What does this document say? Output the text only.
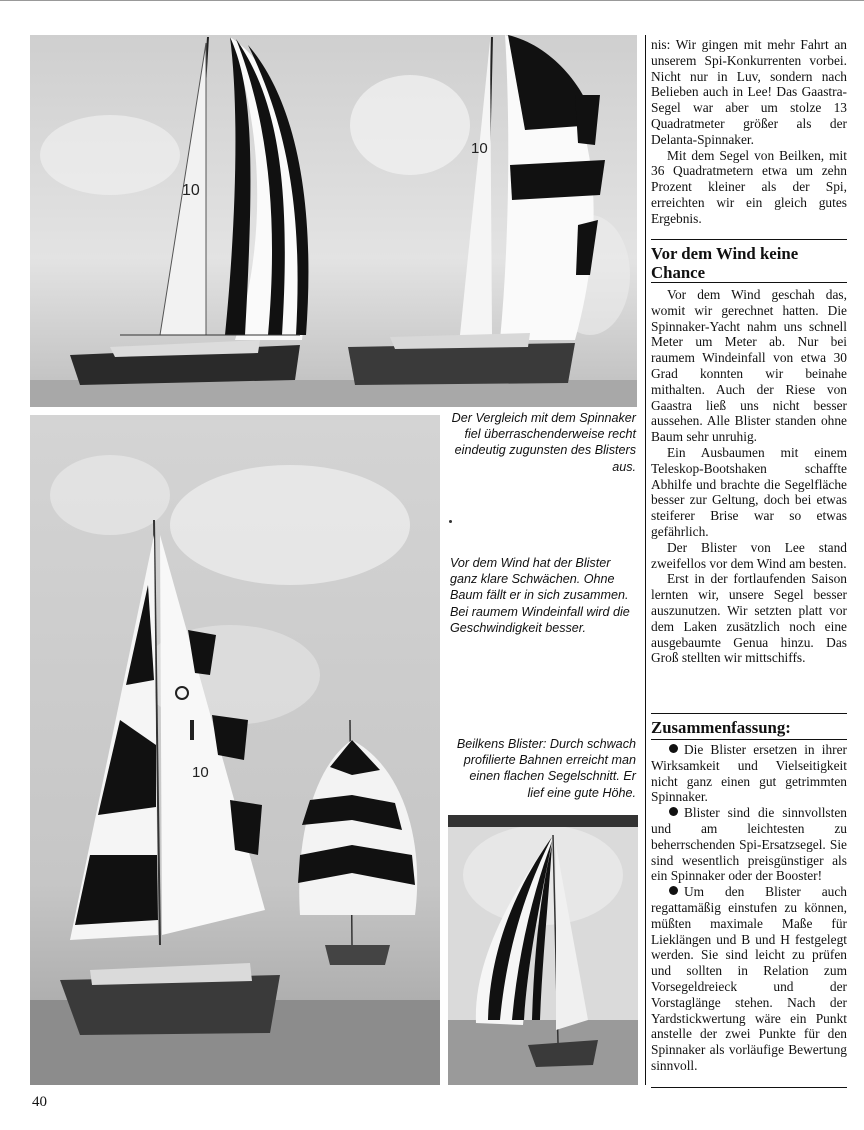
10
10
10
Der Vergleich mit dem Spinnaker fiel überraschenderweise recht eindeutig zugunsten des Blisters aus.
Vor dem Wind hat der Blister ganz klare Schwächen. Ohne Baum fällt er in sich zusammen. Bei raumem Windeinfall wird die Geschwindigkeit besser.
Beilkens Blister: Durch schwach profilierte Bahnen erreicht man einen flachen Segelschnitt. Er lief eine gute Höhe.

nis: Wir gingen mit mehr Fahrt an unserem Spi-Konkurrenten vorbei. Nicht nur in Luv, sondern nach Belieben auch in Lee! Das Gaastra-Segel war aber um stolze 13 Quadratmeter größer als der Delanta-Spinnaker.

Mit dem Segel von Beilken, mit 36 Quadratmetern etwa um zehn Prozent kleiner als der Spi, erreichten wir ein gleich gutes Ergebnis.

Vor dem Wind keine Chance

Vor dem Wind geschah das, womit wir gerechnet hatten. Die Spinnaker-Yacht nahm uns schnell Meter um Meter ab. Nur bei raumem Windeinfall von etwa 30 Grad konnten wir beinahe mithalten. Auch der Riese von Gaastra ließ uns nicht besser aussehen. Alle Blister standen ohne Baum sehr unruhig.

Ein Ausbaumen mit einem Teleskop-Bootshaken schaffte Abhilfe und brachte die Segelfläche besser zur Geltung, doch bei etwas steiferer Brise war so etwas gefährlich.

Der Blister von Lee stand zweifellos vor dem Wind am besten.

Erst in der fortlaufenden Saison lernten wir, unsere Segel besser auszunutzen. Wir setzten platt vor dem Laken zusätzlich noch eine ausgebaumte Genua hinzu. Das Groß stellten wir mittschiffs.

Zusammenfassung:

Die Blister ersetzen in ihrer Wirksamkeit und Vielseitigkeit nicht ganz einen gut getrimmten Spinnaker.

Blister sind die sinnvollsten und am leichtesten zu beherrschenden Spi-Ersatzsegel. Sie sind wesentlich preisgünstiger als ein Spinnaker oder der Booster!

Um den Blister auch regattamäßig einstufen zu können, müßten maximale Maße für Lieklängen und B und H festgelegt werden. Sie sind leicht zu prüfen und sollten in Relation zum Vorsegeldreieck und der Vorstaglänge stehen. Nach der Yardstickwertung wäre ein Punkt anstelle der zwei Punkte für den Spinnaker als vorläufige Bewertung sinnvoll.

40
